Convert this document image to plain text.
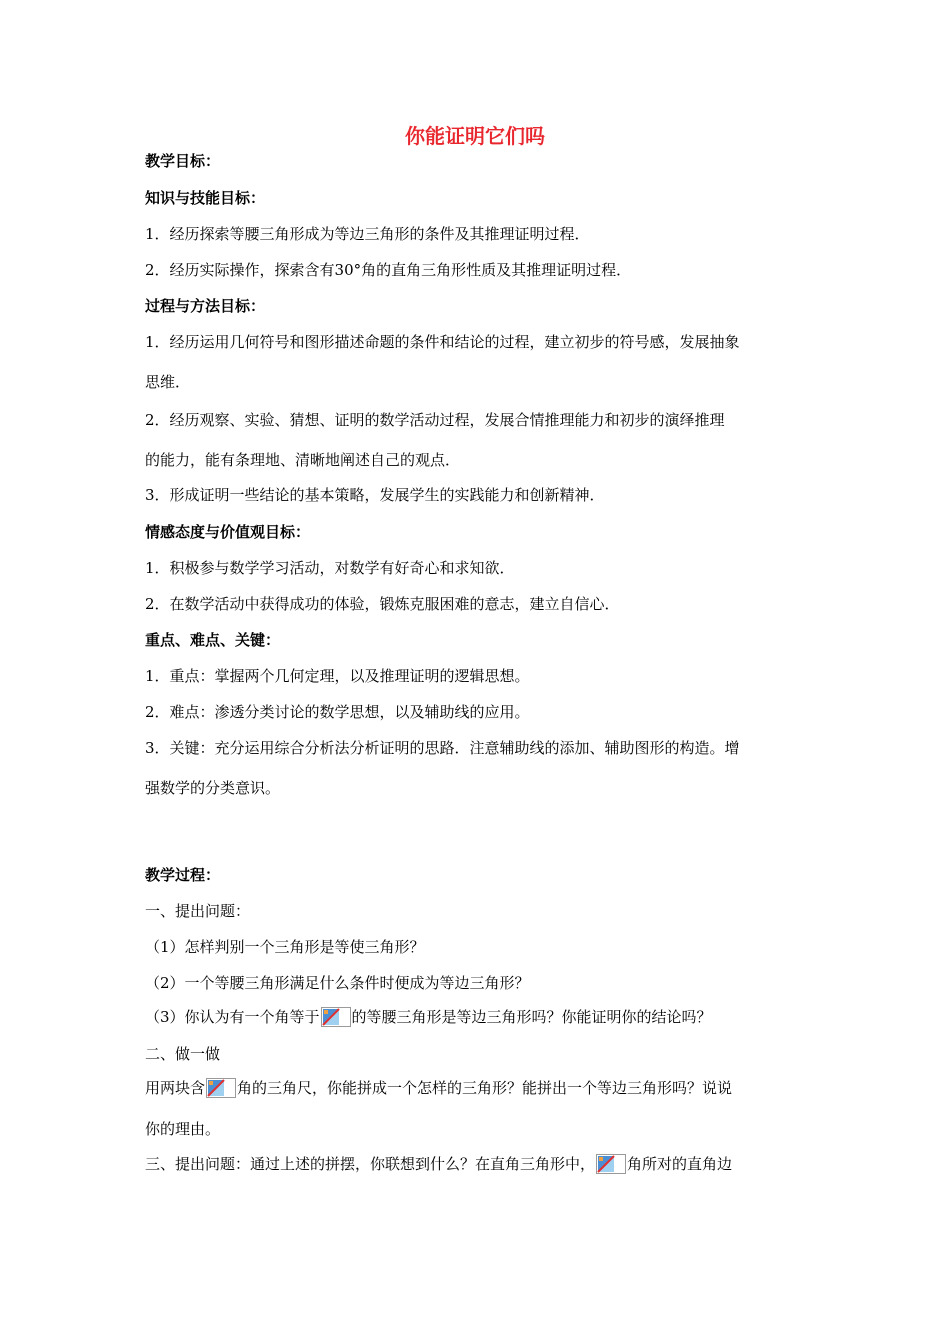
你能证明它们吗
教学目标：
知识与技能目标：
1．经历探索等腰三角形成为等边三角形的条件及其推理证明过程．
2．经历实际操作，探索含有30°角的直角三角形性质及其推理证明过程．
过程与方法目标：
1．经历运用几何符号和图形描述命题的条件和结论的过程，建立初步的符号感，发展抽象
思维．
2．经历观察、实验、猜想、证明的数学活动过程，发展合情推理能力和初步的演绎推理
的能力，能有条理地、清晰地阐述自己的观点．
3．形成证明一些结论的基本策略，发展学生的实践能力和创新精神．
情感态度与价值观目标：
1．积极参与数学学习活动，对数学有好奇心和求知欲．
2．在数学活动中获得成功的体验，锻炼克服困难的意志，建立自信心．
重点、难点、关键：
1．重点：掌握两个几何定理，以及推理证明的逻辑思想。
2．难点：渗透分类讨论的数学思想，以及辅助线的应用。
3．关键：充分运用综合分析法分析证明的思路．注意辅助线的添加、辅助图形的构造。增
强数学的分类意识。
教学过程：
一、提出问题：
（1）怎样判别一个三角形是等使三角形？
（2）一个等腰三角形满足什么条件时便成为等边三角形？
（3）你认为有一个角等于 的等腰三角形是等边三角形吗？你能证明你的结论吗？
二、做一做
用两块含 角的三角尺，你能拼成一个怎样的三角形？能拼出一个等边三角形吗？说说
你的理由。
三、提出问题：通过上述的拼摆，你联想到什么？在直角三角形中， 角所对的直角边
